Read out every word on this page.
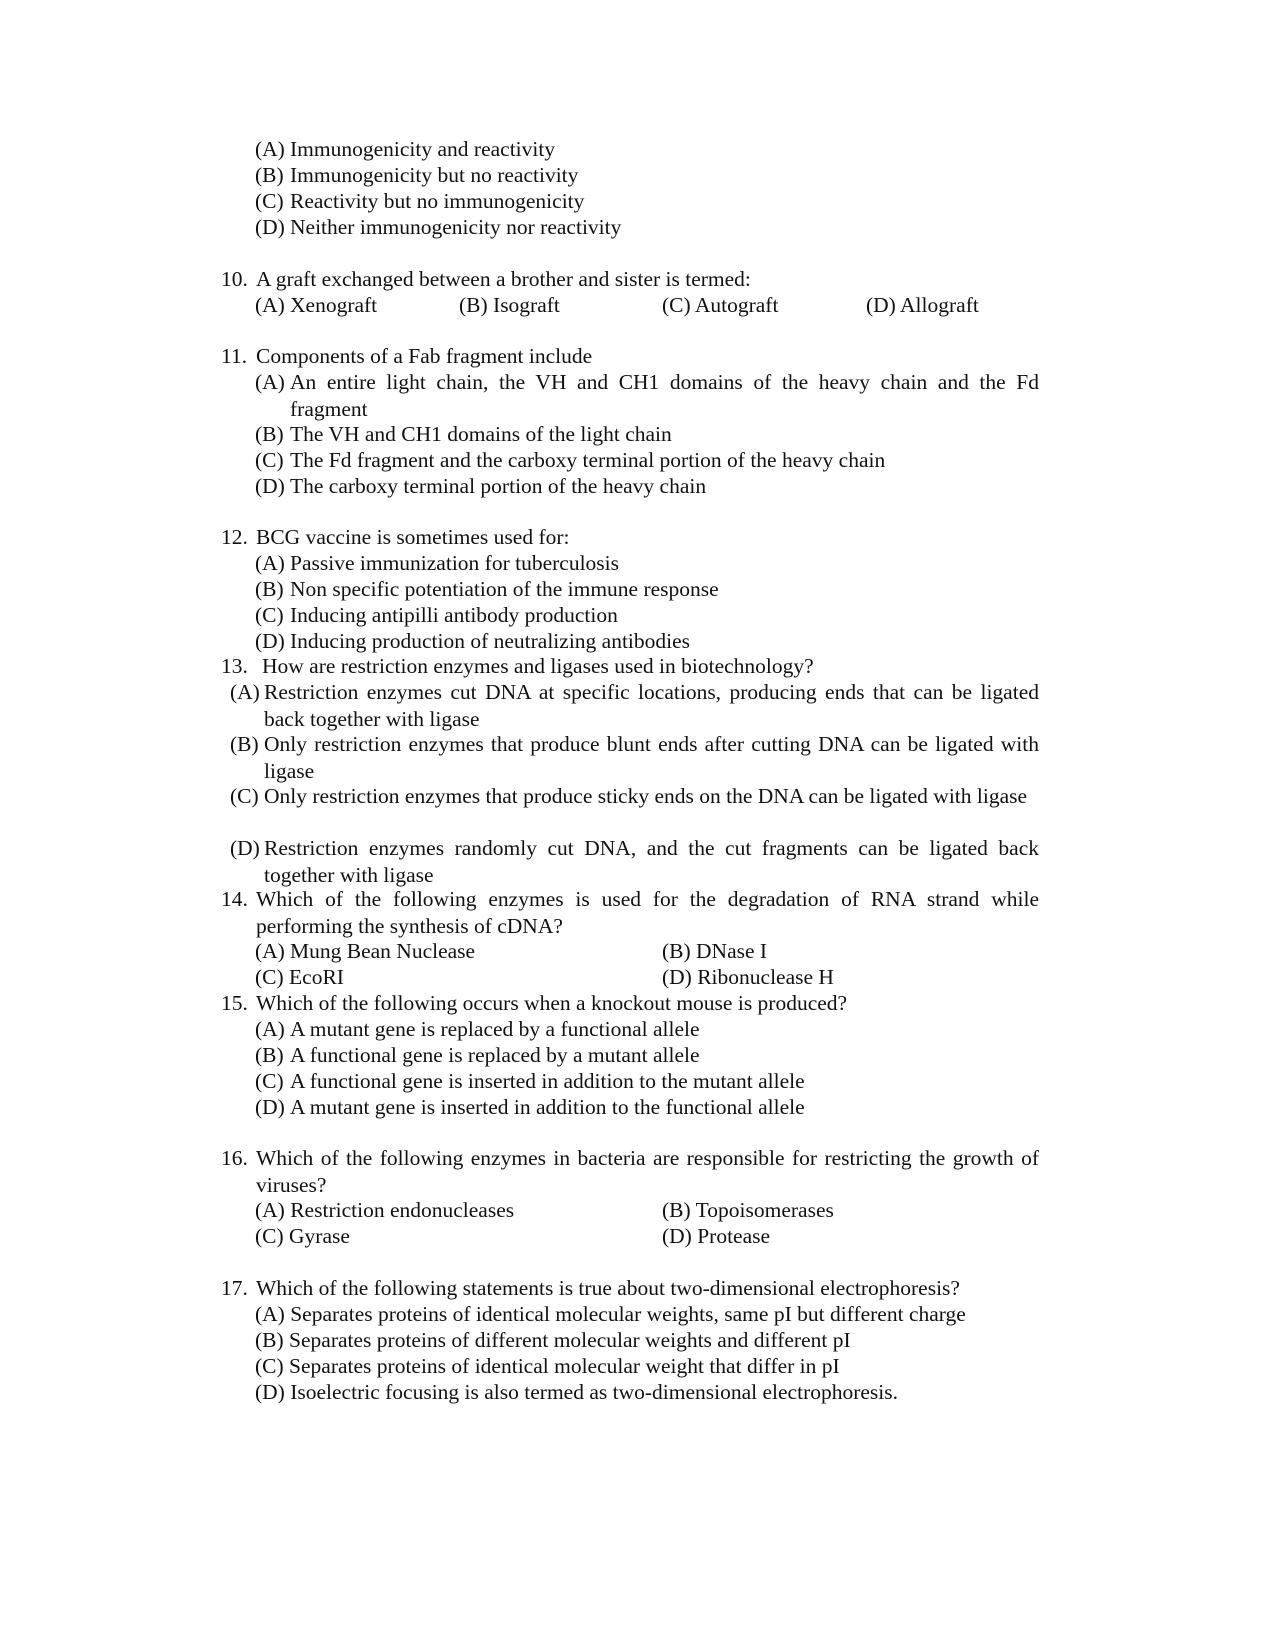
(A) Immunogenicity and reactivity
(B) Immunogenicity but no reactivity
(C) Reactivity but no immunogenicity
(D) Neither immunogenicity nor reactivity
10. A graft exchanged between a brother and sister is termed:
(A) Xenograft	(B) Isograft	(C) Autograft	(D) Allograft
11. Components of a Fab fragment include
(A) An entire light chain, the VH and CH1 domains of the heavy chain and the Fd fragment
(B) The VH and CH1 domains of the light chain
(C) The Fd fragment and the carboxy terminal portion of the heavy chain
(D) The carboxy terminal portion of the heavy chain
12. BCG vaccine is sometimes used for:
(A) Passive immunization for tuberculosis
(B) Non specific potentiation of the immune response
(C) Inducing antipilli antibody production
(D) Inducing production of neutralizing antibodies
13. How are restriction enzymes and ligases used in biotechnology?
(A) Restriction enzymes cut DNA at specific locations, producing ends that can be ligated back together with ligase
(B) Only restriction enzymes that produce blunt ends after cutting DNA can be ligated with ligase
(C) Only restriction enzymes that produce sticky ends on the DNA can be ligated with ligase
(D) Restriction enzymes randomly cut DNA, and the cut fragments can be ligated back together with ligase
14. Which of the following enzymes is used for the degradation of RNA strand while performing the synthesis of cDNA?
(A) Mung Bean Nuclease	(B) DNase I
(C) EcoRI	(D) Ribonuclease H
15. Which of the following occurs when a knockout mouse is produced?
(A) A mutant gene is replaced by a functional allele
(B) A functional gene is replaced by a mutant allele
(C) A functional gene is inserted in addition to the mutant allele
(D) A mutant gene is inserted in addition to the functional allele
16. Which of the following enzymes in bacteria are responsible for restricting the growth of viruses?
(A) Restriction endonucleases	(B) Topoisomerases
(C) Gyrase	(D) Protease
17. Which of the following statements is true about two-dimensional electrophoresis?
(A) Separates proteins of identical molecular weights, same pI but different charge
(B) Separates proteins of different molecular weights and different pI
(C) Separates proteins of identical molecular weight that differ in pI
(D) Isoelectric focusing is also termed as two-dimensional electrophoresis.
